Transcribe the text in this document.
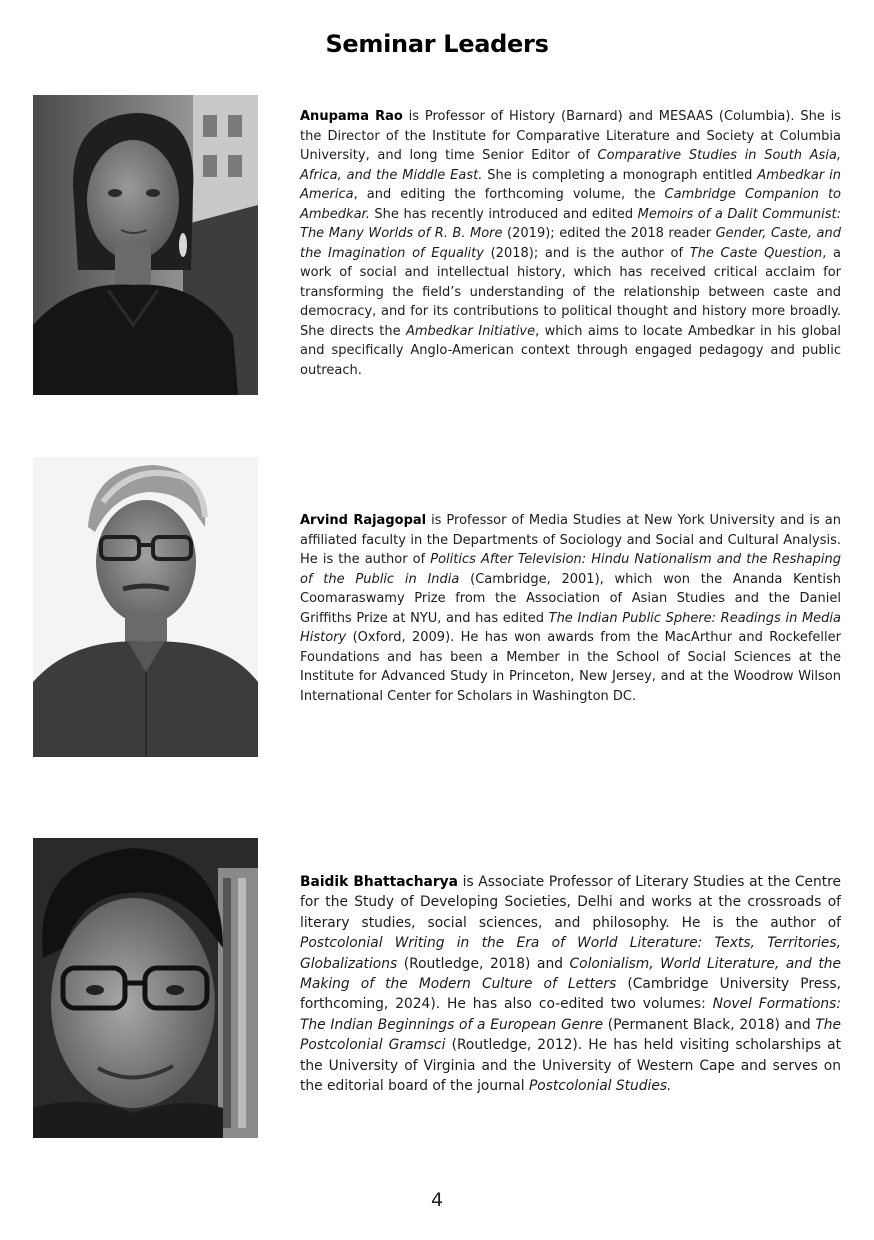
Seminar Leaders

Anupama Rao is Professor of History (Barnard) and MESAAS (Columbia). She is the Director of the Institute for Comparative Literature and Society at Columbia University, and long time Senior Editor of Comparative Studies in South Asia, Africa, and the Middle East. She is completing a monograph entitled Ambedkar in America, and editing the forthcoming volume, the Cambridge Companion to Ambedkar. She has recently introduced and edited Memoirs of a Dalit Communist: The Many Worlds of R. B. More (2019); edited the 2018 reader Gender, Caste, and the Imagination of Equality (2018); and is the author of The Caste Question, a work of social and intellectual history, which has received critical acclaim for transforming the field’s understanding of the relationship between caste and democracy, and for its contributions to political thought and history more broadly. She directs the Ambedkar Initiative, which aims to locate Ambedkar in his global and specifically Anglo-American context through engaged pedagogy and public outreach.

Arvind Rajagopal is Professor of Media Studies at New York University and is an affiliated faculty in the Departments of Sociology and Social and Cultural Analysis. He is the author of Politics After Television: Hindu Nationalism and the Reshaping of the Public in India (Cambridge, 2001), which won the Ananda Kentish Coomaraswamy Prize from the Association of Asian Studies and the Daniel Griffiths Prize at NYU, and has edited The Indian Public Sphere: Readings in Media History (Oxford, 2009). He has won awards from the MacArthur and Rockefeller Foundations and has been a Member in the School of Social Sciences at the Institute for Advanced Study in Princeton, New Jersey, and at the Woodrow Wilson International Center for Scholars in Washington DC.

Baidik Bhattacharya is Associate Professor of Literary Studies at the Centre for the Study of Developing Societies, Delhi and works at the crossroads of literary studies, social sciences, and philosophy. He is the author of Postcolonial Writing in the Era of World Literature: Texts, Territories, Globalizations (Routledge, 2018) and Colonialism, World Literature, and the Making of the Modern Culture of Letters (Cambridge University Press, forthcoming, 2024). He has also co-edited two volumes: Novel Formations: The Indian Beginnings of a European Genre (Permanent Black, 2018) and The Postcolonial Gramsci (Routledge, 2012). He has held visiting scholarships at the University of Virginia and the University of Western Cape and serves on the editorial board of the journal Postcolonial Studies.

4
